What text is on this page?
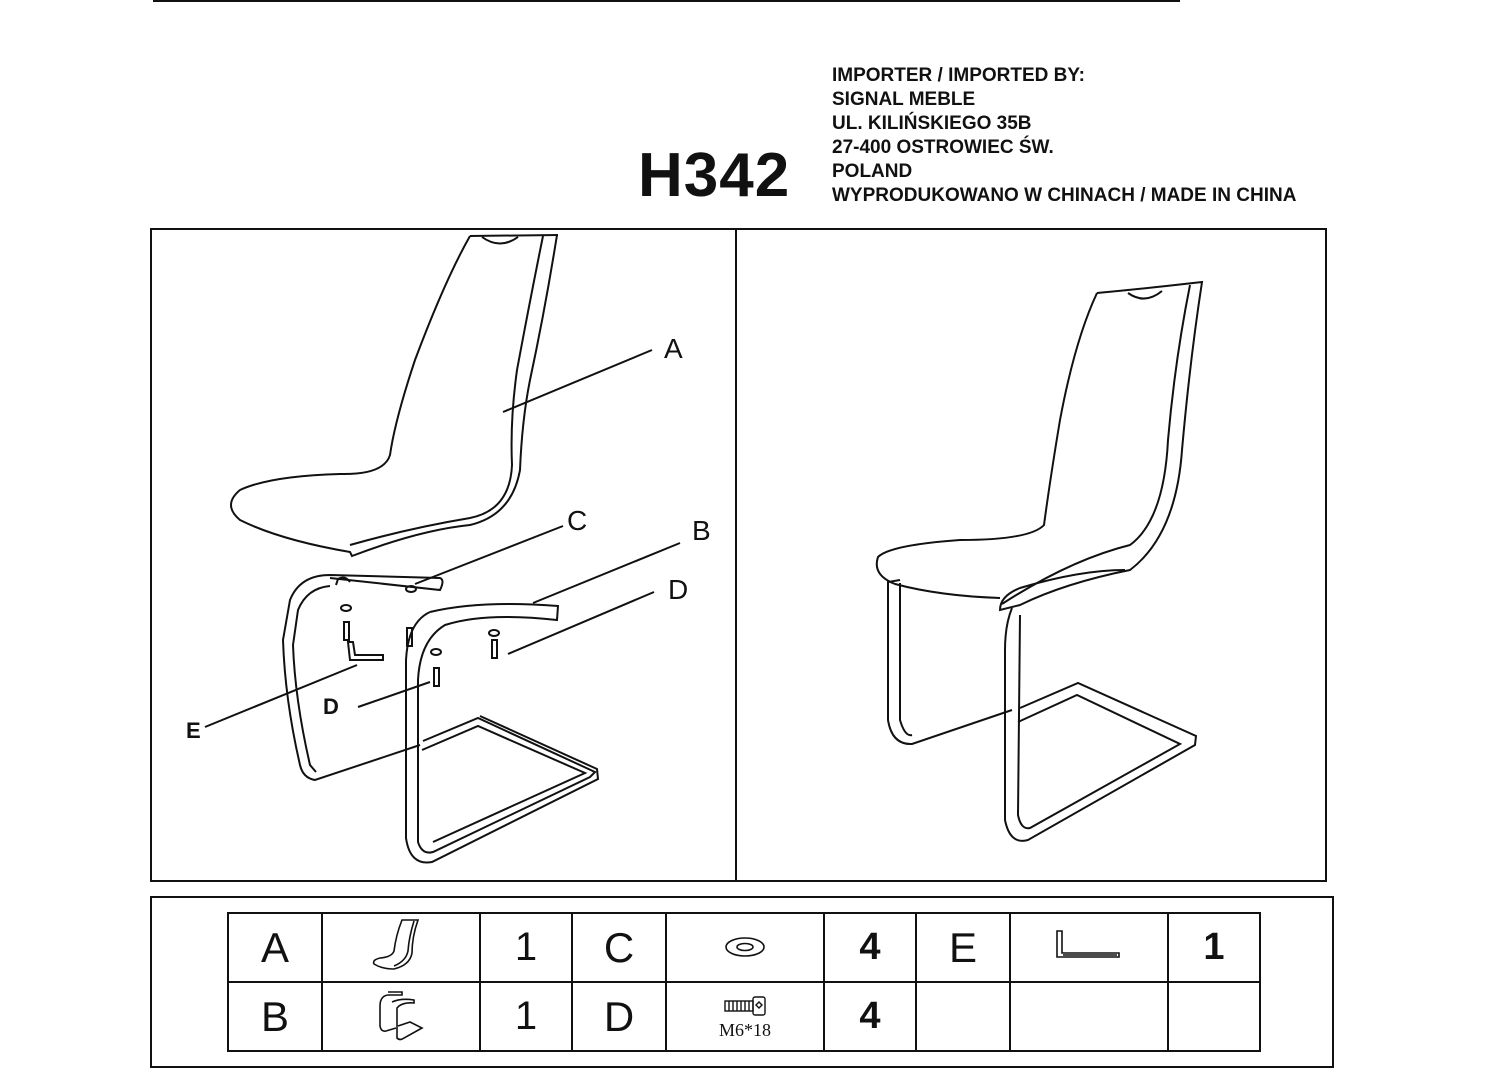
H342
IMPORTER / IMPORTED BY:
SIGNAL MEBLE
UL. KILIŃSKIEGO 35B
27-400 OSTROWIEC ŚW.
POLAND
WYPRODUKOWANO W CHINACH / MADE IN CHINA
A
C	B
D
D
E
A		1	C		4	E		1
B		1	D	M6*18	4			
